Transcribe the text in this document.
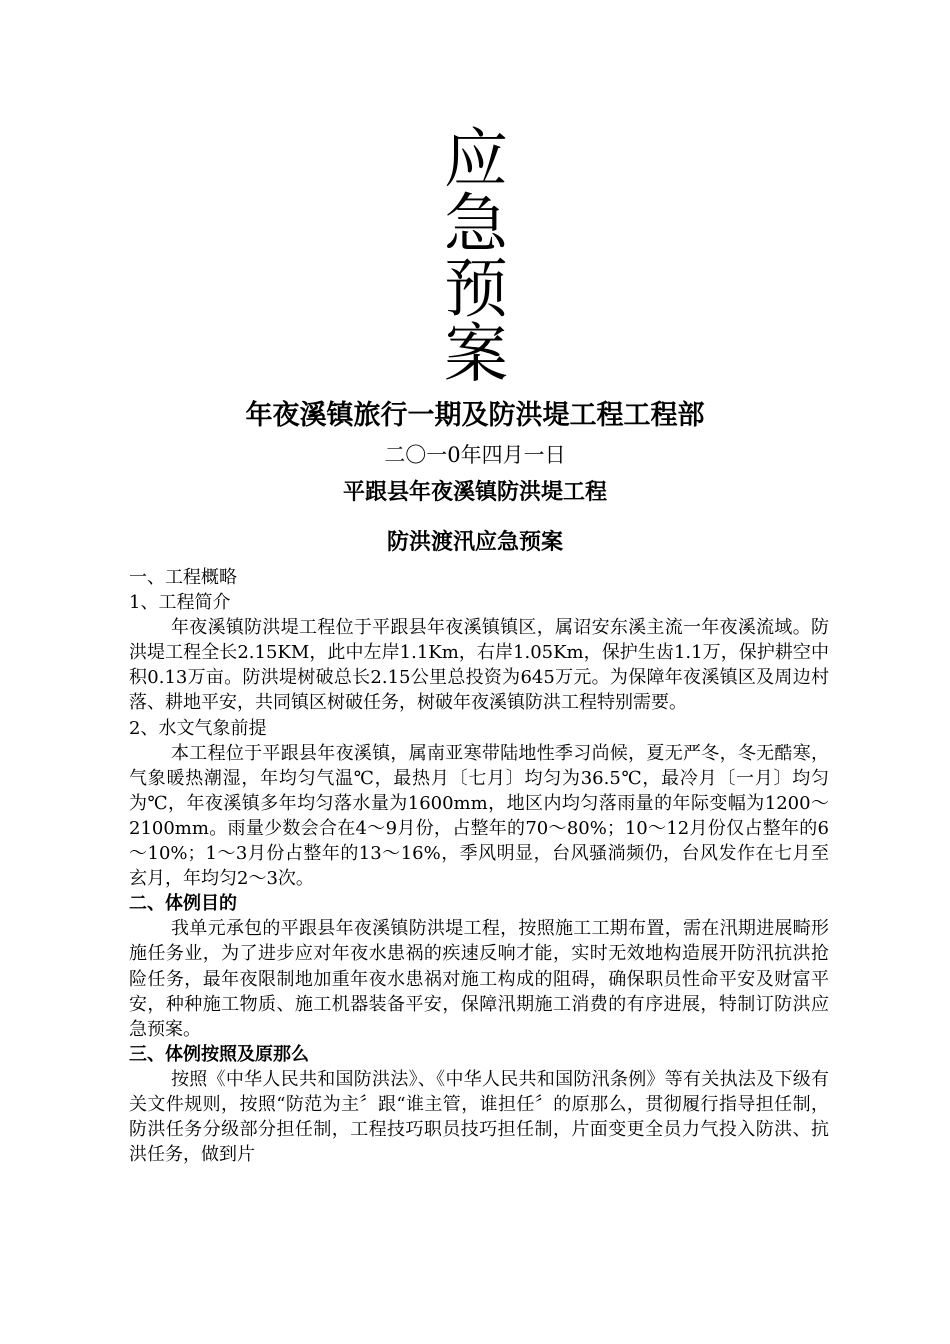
应
急
预
案
年夜溪镇旅行一期及防洪堤工程工程部
二〇一0年四月一日
平跟县年夜溪镇防洪堤工程
防洪渡汛应急预案

一、工程概略

1、工程简介

年夜溪镇防洪堤工程位于平跟县年夜溪镇镇区，属诏安东溪主流一年夜溪流域。防洪堤工程全长2.15KM，此中左岸1.1Km，右岸1.05Km，保护生齿1.1万，保护耕空中积0.13万亩。防洪堤树破总长2.15公里总投资为645万元。为保障年夜溪镇区及周边村落、耕地平安，共同镇区树破任务，树破年夜溪镇防洪工程特别需要。

2、水文气象前提

本工程位于平跟县年夜溪镇，属南亚寒带陆地性季习尚候，夏无严冬，冬无酷寒，气象暖热潮湿，年均匀气温℃，最热月〔七月〕均匀为36.5℃，最冷月〔一月〕均匀为℃，年夜溪镇多年均匀落水量为1600mm，地区内均匀落雨量的年际变幅为1200～2100mm。雨量少数会合在4～9月份，占整年的70～80%；10～12月份仅占整年的6～10%；1～3月份占整年的13～16%，季风明显，台风骚淌频仍，台风发作在七月至玄月，年均匀2～3次。

二、体例目的

我单元承包的平跟县年夜溪镇防洪堤工程，按照施工工期布置，需在汛期进展畸形施任务业，为了进步应对年夜水患祸的疾速反响才能，实时无效地构造展开防汛抗洪抢险任务，最年夜限制地加重年夜水患祸对施工构成的阻碍，确保职员性命平安及财富平安，种种施工物质、施工机器装备平安，保障汛期施工消费的有序进展，特制订防洪应急预案。

三、体例按照及原那么

按照《中华人民共和国防洪法》、《中华人民共和国防汛条例》等有关执法及下级有关文件规则，按照“防范为主〞跟“谁主管，谁担任〞的原那么，贯彻履行指导担任制，防洪任务分级部分担任制，工程技巧职员技巧担任制，片面变更全员力气投入防洪、抗洪任务，做到片
